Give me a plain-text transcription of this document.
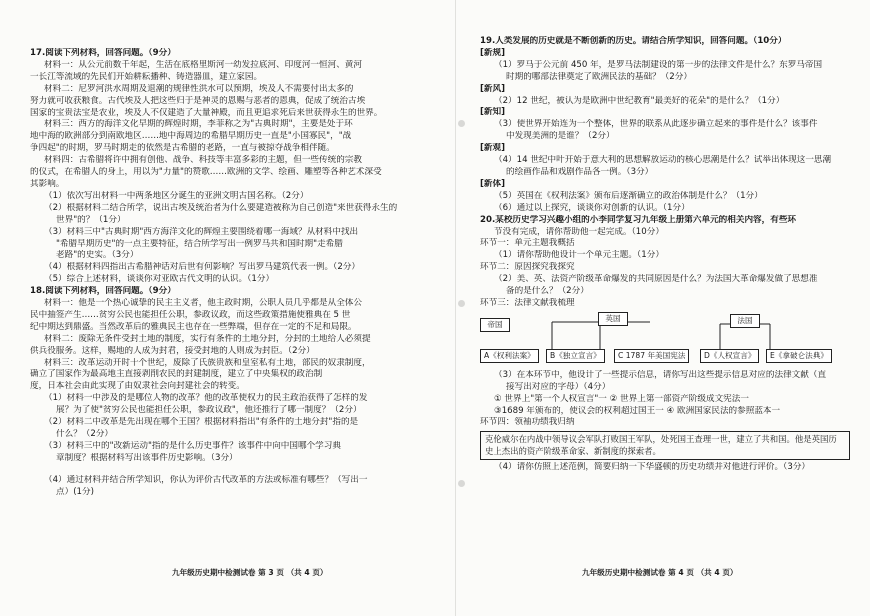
17.阅读下列材料，回答问题。（9分）

材料一：从公元前数千年起，生活在底格里斯河一幼发拉底河、印度河一恒河、黄河

一长江等流域的先民们开始耕耘播种、铸造器皿，建立家园。

材料二：尼罗河洪水周期及退潮的规律性洪水可以预期，埃及人不需要付出太多的

努力就可收获粮食。古代埃及人把这些归于是神灵的恩赐与恶者的恩典，促成了统治古埃

国家的宝贵法宝是农业，埃及人不仅建造了大量神殿，而且更追求死后来世获得永生的世界。

材料三：西方的海洋文化早期的辉煌时期，李菲称之为"古典时期"，主要是处于环

地中海的欧洲部分到南欧地区……地中海周边的希腊早期历史一直是"小国寡民"，"战

争四起"的时期，罗马时期走的依然是古希腊的老路，一直与被掠夺战争相伴随。

材料四：古希腊将许中拥有创他、战争、科技等丰富多彩的主题，但一些传统的宗教

的仪式，在希腊人的身上，用以为"力量"的赞歌……欧洲的文学、绘画、雕塑等各种艺术深受

其影响。

（1）依次写出材料一中两条地区分诞生的亚洲文明古国名称。（2分）

（2）根据材料二结合所学，说出古埃及统治者为什么要建造被称为自己创造"来世获得永生的

世界"的？（1分）

（3）材料三中"古典时期"西方海洋文化的辉煌主要围绕着哪一海域？从材料中找出

"希腊早期历史"的一点主要特征，结合所学写出一例罗马共和国时期"走希腊

老路"的史实。（3分）

（4）根据材料四指出古希腊神话对后世有何影响？写出罗马建筑代表一例。（2分）

（5）综合上述材料，谈谈你对亚欧古代文明的认识。（1分）

18.阅读下列材料，回答问题。（9分）

材料一：他是一个热心诚挚的民主主义者，他主政时期，公职人员几乎都是从全体公

民中抽签产生……贫穷公民也能担任公职，参政议政，而这些政策措施使雅典在 5 世

纪中期达到鼎盛。当然改革后的雅典民主也存在一些弊端，但存在一定的不足和局限。

材料二：废除无条件受封土地的制度，实行有条件的土地分封，分封的土地给人必须提

供兵役服务。这样，赐地的人成为封君，接受封地的人则成为封臣。（2分）

材料三：改革运动开时十个世纪，废除了氏族贵族和皇室私有土地，部民的奴隶制度，

确立了国家作为最高地主直接剥削农民的封建制度，建立了中央集权的政治制

度，日本社会由此实现了由奴隶社会向封建社会的转变。

（1）材料一中涉及的是哪位人物的改革？他的改革使权力的民主政治获得了怎样的发

展？为了使"贫穷公民也能担任公职，参政议政"，他还推行了哪一制度？（2分）

（2）材料二中改革是先出现在哪个王国？根据材料指出"有条件的土地分封"指的是

什么？（2分）

（3）材料三中的"改新运动"指的是什么历史事件？该事件中向中国哪个学习典

章制度？根据材料写出该事件历史影响。（3分）

（4）通过材料并结合所学知识，你认为评价古代改革的方法或标准有哪些？（写出一

点）(1分)

九年级历史期中检测试卷 第 3 页 （共 4 页）

19.人类发展的历史就是不断创新的历史。请结合所学知识，回答问题。（10分）

[新规]

（1）罗马于公元前 450 年，是罗马法制建设的第一步的法律文件是什么？东罗马帝国

时期的哪部法律奠定了欧洲民法的基础？（2分）

[新风]

（2）12 世纪，被认为是欧洲中世纪教育"最美好的花朵"的是什么？（1分）

[新知]

（3）使世界开始连为一个整体，世界的联系从此逐步确立起来的事件是什么？该事件

中发现美洲的是谁？（2分）

[新观]

（4）14 世纪中叶开始于意大利的思想解放运动的核心思潮是什么？试举出体现这一思潮

的绘画作品和戏剧作品各一例。（3分）

[新体]

（5）英国在《权利法案》颁布后逐渐确立的政治体制是什么？（1分）

（6）通过以上探究，谈谈你对创新的认识。（1分）

20.某校历史学习兴趣小组的小李同学复习九年级上册第六单元的相关内容，有些环

节没有完成，请你帮助他一起完成。（10分）

环节一：单元主题我概括

（1）请你帮助他设计一个单元主题。（1分）

环节二：原因探究我探究

（2）美、英、法资产阶级革命爆发的共同原因是什么？为法国大革命爆发做了思想准

备的是什么？（2分）

环节三：法律文献我梳理

帝国
英国	法国
A《权利法案》	B《独立宣言》	C 1787 年美国宪法	D《人权宣言》	E《拿破仑法典》

（3）在本环节中，他设计了一些提示信息，请你写出这些提示信息对应的法律文献（直

接写出对应的字母）（4分）

① 世界上"第一个人权宣言"一 ② 世界上第一部资产阶级成文宪法一

③1689 年颁布的，使议会的权利超过国王一 ④ 欧洲国家民法的参照蓝本一

环节四：领袖功绩我归纳

克伦威尔在内战中领导议会军队打败国王军队，处死国王查理一世，建立了共和国。他是英国历史上杰出的资产阶级革命家、新制度的探索者。

（4）请你仿照上述范例，简要归纳一下华盛顿的历史功绩并对他进行评价。（3分）

九年级历史期中检测试卷 第 4 页 （共 4 页）
